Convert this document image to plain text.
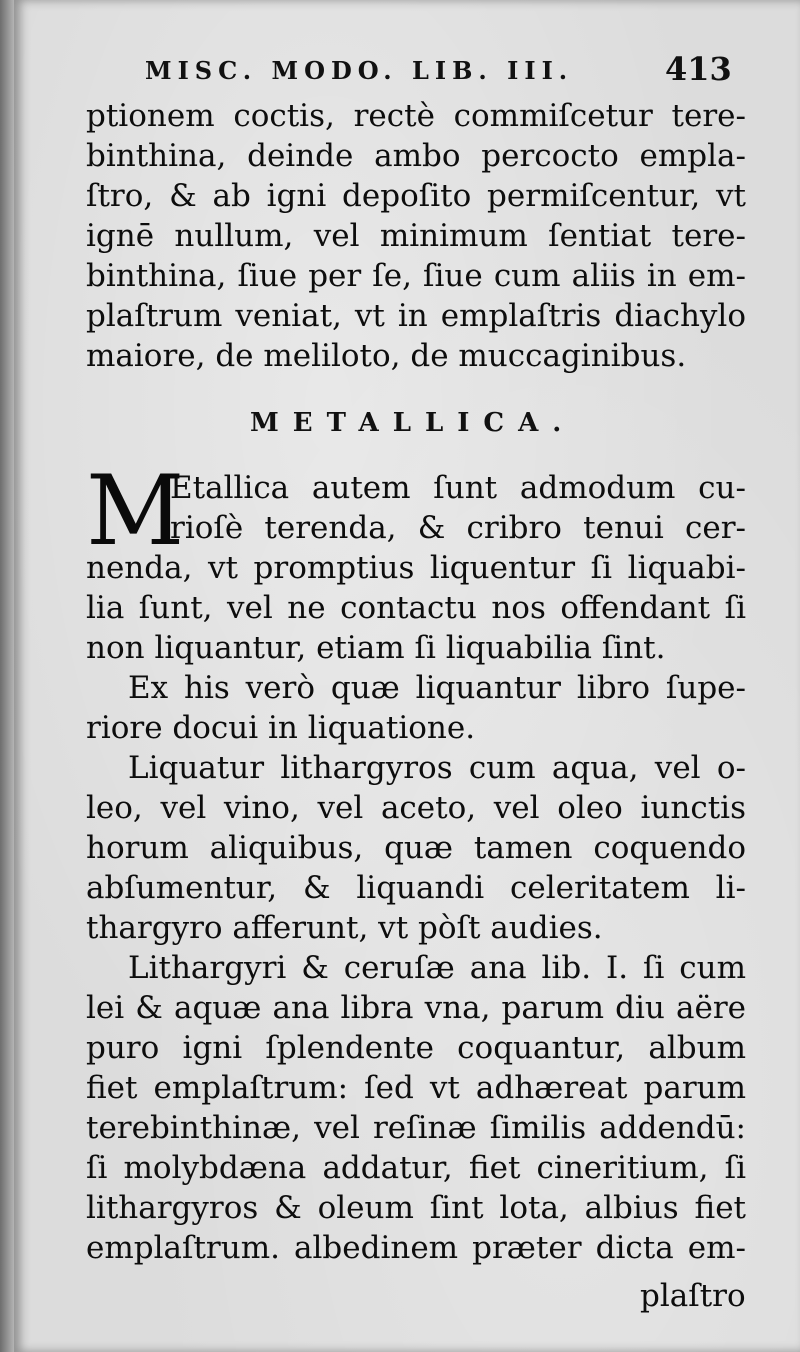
MISC. MODO. LIB. III.	413
ptionem coctis, rectè commiſcetur tere-
binthina, deinde ambo percocto empla-
ſtro, & ab igni depoſito permiſcentur, vt
ignē nullum, vel minimum ſentiat tere-
binthina, ſiue per ſe, ſiue cum aliis in em-
plaſtrum veniat, vt in emplaſtris diachylo
maiore, de meliloto, de muccaginibus.
METALLICA.
M
Etallica autem ſunt admodum cu-
rioſè terenda, & cribro tenui cer-
nenda, vt promptius liquentur ſi liquabi-
lia ſunt, vel ne contactu nos offendant ſi
non liquantur, etiam ſi liquabilia ſint.
Ex his verò quæ liquantur libro ſupe-
riore docui in liquatione.
Liquatur lithargyros cum aqua, vel o-
leo, vel vino, vel aceto, vel oleo iunctis
horum aliquibus, quæ tamen coquendo
abſumentur, & liquandi celeritatem li-
thargyro afferunt, vt pòſt audies.
Lithargyri & ceruſæ ana lib. I. ſi cum
lei & aquæ ana libra vna, parum diu aëre
puro igni ſplendente coquantur, album
fiet emplaſtrum: ſed vt adhæreat parum
terebinthinæ, vel reſinæ ſimilis addendū:
ſi molybdæna addatur, fiet cineritium, ſi
lithargyros & oleum ſint lota, albius fiet
emplaſtrum. albedinem præter dicta em-
plaſtro
